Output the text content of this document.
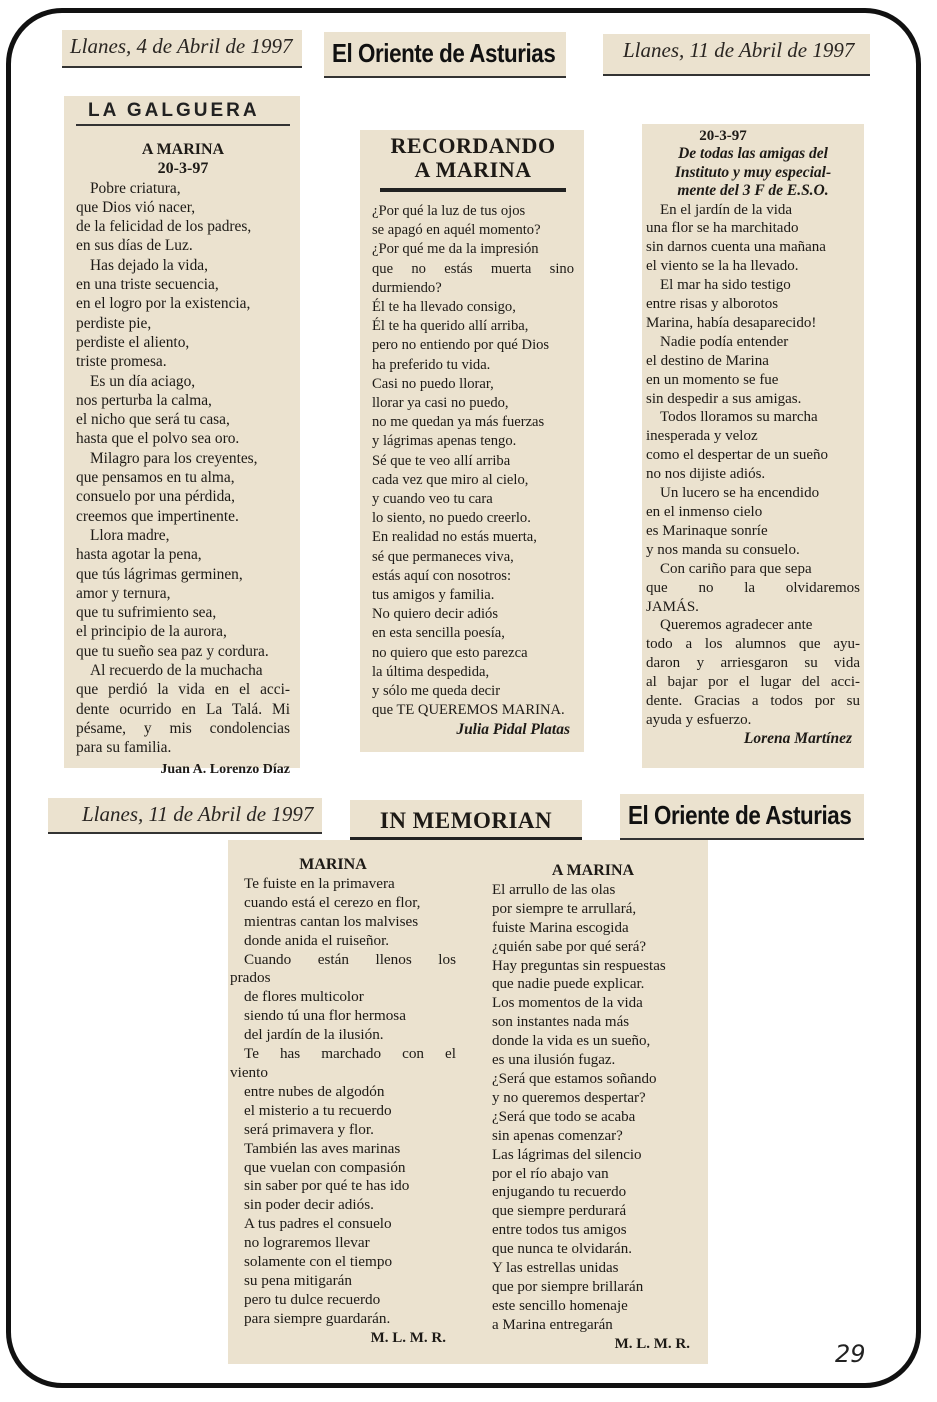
Llanes, 4 de Abril de 1997	El Oriente de Asturias	Llanes, 11 de Abril de 1997
LA GALGUERA
A MARINA
20-3-97
Pobre criatura,
que Dios vió nacer,
de la felicidad de los padres,
en sus días de Luz.
Has dejado la vida,
en una triste secuencia,
en el logro por la existencia,
perdiste pie,
perdiste el aliento,
triste promesa.
Es un día aciago,
nos perturba la calma,
el nicho que será tu casa,
hasta que el polvo sea oro.
Milagro para los creyentes,
que pensamos en tu alma,
consuelo por una pérdida,
creemos que impertinente.
Llora madre,
hasta agotar la pena,
que tús lágrimas germinen,
amor y ternura,
que tu sufrimiento sea,
el principio de la aurora,
que tu sueño sea paz y cordura.
Al recuerdo de la muchacha
que perdió la vida en el acci-
dente ocurrido en La Talá. Mi
pésame, y mis condolencias
para su familia.
Juan A. Lorenzo Díaz
RECORDANDO
A MARINA
¿Por qué la luz de tus ojos
se apagó en aquél momento?
¿Por qué me da la impresión
que no estás muerta sino
durmiendo?
Él te ha llevado consigo,
Él te ha querido allí arriba,
pero no entiendo por qué Dios
ha preferido tu vida.
Casi no puedo llorar,
llorar ya casi no puedo,
no me quedan ya más fuerzas
y lágrimas apenas tengo.
Sé que te veo allí arriba
cada vez que miro al cielo,
y cuando veo tu cara
lo siento, no puedo creerlo.
En realidad no estás muerta,
sé que permaneces viva,
estás aquí con nosotros:
tus amigos y familia.
No quiero decir adiós
en esta sencilla poesía,
no quiero que esto parezca
la última despedida,
y sólo me queda decir
que TE QUEREMOS MARINA.
Julia Pidal Platas
20-3-97
De todas las amigas del
Instituto y muy especial-
mente del 3 F de E.S.O.
En el jardín de la vida
una flor se ha marchitado
sin darnos cuenta una mañana
el viento se la ha llevado.
El mar ha sido testigo
entre risas y alborotos
Marina, había desaparecido!
Nadie podía entender
el destino de Marina
en un momento se fue
sin despedir a sus amigas.
Todos lloramos su marcha
inesperada y veloz
como el despertar de un sueño
no nos dijiste adiós.
Un lucero se ha encendido
en el inmenso cielo
es Marinaque sonríe
y nos manda su consuelo.
Con cariño para que sepa
que no la olvidaremos
JAMÁS.
Queremos agradecer ante
todo a los alumnos que ayu-
daron y arriesgaron su vida
al bajar por el lugar del acci-
dente. Gracias a todos por su
ayuda y esfuerzo.
Lorena Martínez
Llanes, 11 de Abril de 1997	IN MEMORIAN	El Oriente de Asturias
MARINA
Te fuiste en la primavera
cuando está el cerezo en flor,
mientras cantan los malvises
donde anida el ruiseñor.
Cuando están llenos los
prados
de flores multicolor
siendo tú una flor hermosa
del jardín de la ilusión.
Te has marchado con el
viento
entre nubes de algodón
el misterio a tu recuerdo
será primavera y flor.
También las aves marinas
que vuelan con compasión
sin saber por qué te has ido
sin poder decir adiós.
A tus padres el consuelo
no lograremos llevar
solamente con el tiempo
su pena mitigarán
pero tu dulce recuerdo
para siempre guardarán.
M. L. M. R.
A MARINA
El arrullo de las olas
por siempre te arrullará,
fuiste Marina escogida
¿quién sabe por qué será?
Hay preguntas sin respuestas
que nadie puede explicar.
Los momentos de la vida
son instantes nada más
donde la vida es un sueño,
es una ilusión fugaz.
¿Será que estamos soñando
y no queremos despertar?
¿Será que todo se acaba
sin apenas comenzar?
Las lágrimas del silencio
por el río abajo van
enjugando tu recuerdo
que siempre perdurará
entre todos tus amigos
que nunca te olvidarán.
Y las estrellas unidas
que por siempre brillarán
este sencillo homenaje
a Marina entregarán
M. L. M. R.	29
